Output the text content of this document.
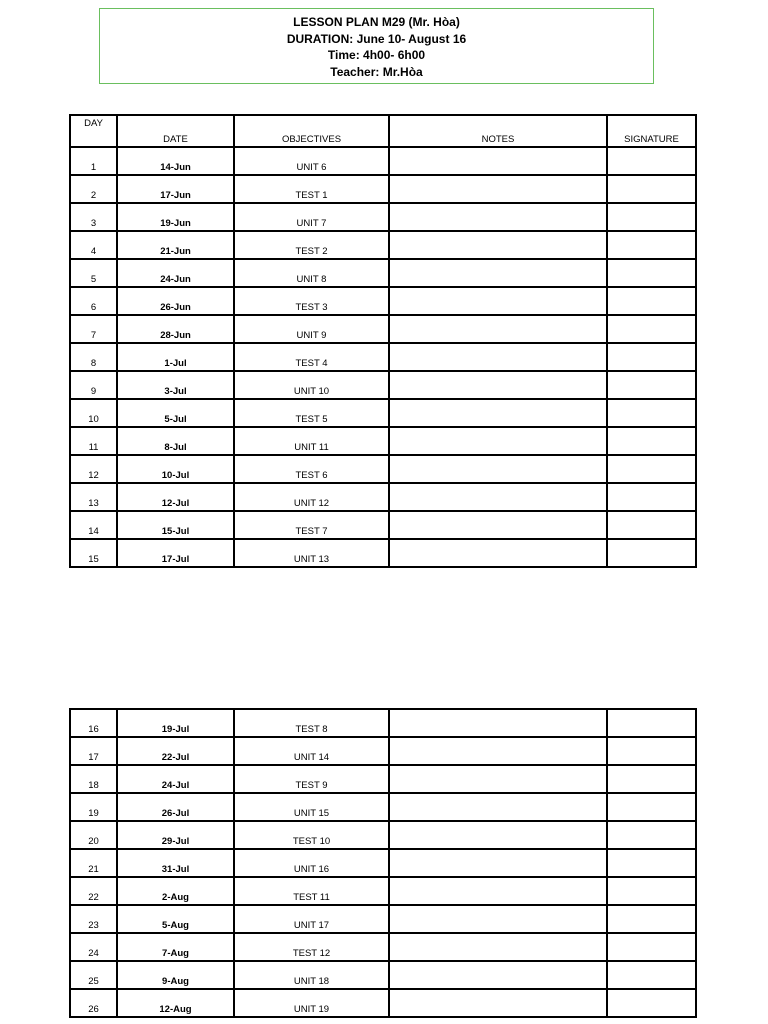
LESSON PLAN M29 (Mr. Hòa)
DURATION: June 10- August 16
Time: 4h00- 6h00
Teacher: Mr.Hòa
DAY	DATE	OBJECTIVES	NOTES	SIGNATURE
1	14-Jun	UNIT 6		
2	17-Jun	TEST 1		
3	19-Jun	UNIT 7		
4	21-Jun	TEST 2		
5	24-Jun	UNIT 8		
6	26-Jun	TEST 3		
7	28-Jun	UNIT 9		
8	1-Jul	TEST 4		
9	3-Jul	UNIT 10		
10	5-Jul	TEST 5		
11	8-Jul	UNIT 11		
12	10-Jul	TEST 6		
13	12-Jul	UNIT 12		
14	15-Jul	TEST 7		
15	17-Jul	UNIT 13		
16	19-Jul	TEST 8		
17	22-Jul	UNIT 14		
18	24-Jul	TEST 9		
19	26-Jul	UNIT 15		
20	29-Jul	TEST 10		
21	31-Jul	UNIT 16		
22	2-Aug	TEST 11		
23	5-Aug	UNIT 17		
24	7-Aug	TEST 12		
25	9-Aug	UNIT 18		
26	12-Aug	UNIT 19		
